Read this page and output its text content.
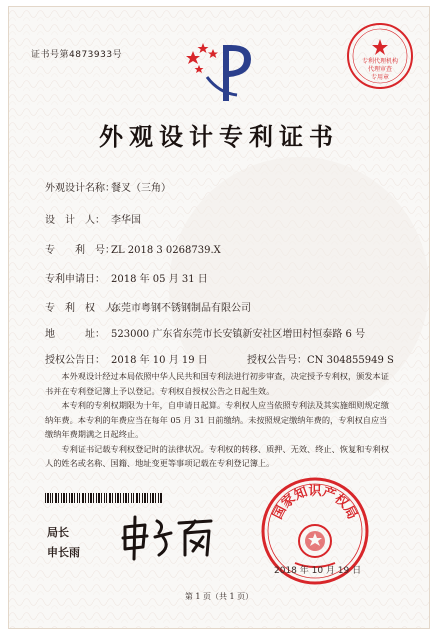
证书号第4873933号
专利代理机构
代理审查
专用章
外观设计专利证书
外观设计名称：餐叉（三角）
设　计　人： 李华国
专　　利　号：ZL 2018 3 0268739.X
专利申请日： 2018 年 05 月 31 日
专　利　权　人：东莞市粤钢不锈钢制品有限公司
地　　　址： 523000 广东省东莞市长安镇新安社区增田村恒泰路 6 号
授权公告日： 2018 年 10 月 19 日	授权公告号：CN 304855949 S

本外观设计经过本局依照中华人民共和国专利法进行初步审查，决定授予专利权，颁发本证书并在专利登记簿上予以登记。专利权自授权公告之日起生效。

本专利的专利权期限为十年，自申请日起算。专利权人应当依照专利法及其实施细则规定缴纳年费。本专利的年费应当在每年 05 月 31 日前缴纳。未按照规定缴纳年费的，专利权自应当缴纳年费期满之日起终止。

专利证书记载专利权登记时的法律状况。专利权的转移、质押、无效、终止、恢复和专利权人的姓名或名称、国籍、地址变更等事项记载在专利登记簿上。

局长
申长雨
国家知识产权局
2018 年 10 月 19 日
第 1 页（共 1 页）
